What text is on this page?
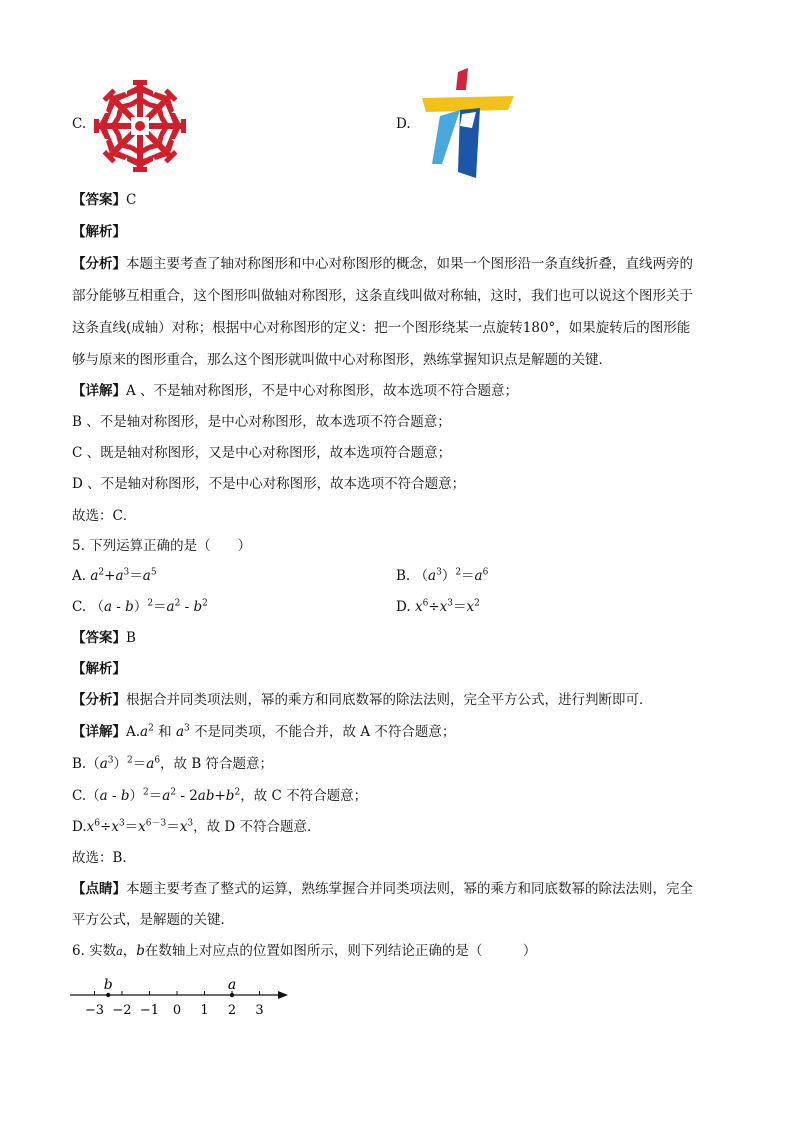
C.	D.
【答案】C
【解析】
【分析】本题主要考查了轴对称图形和中心对称图形的概念，如果一个图形沿一条直线折叠，直线两旁的
部分能够互相重合，这个图形叫做轴对称图形，这条直线叫做对称轴，这时，我们也可以说这个图形关于
这条直线(成轴）对称；根据中心对称图形的定义：把一个图形绕某一点旋转180°，如果旋转后的图形能
够与原来的图形重合，那么这个图形就叫做中心对称图形，熟练掌握知识点是解题的关键．
【详解】A 、不是轴对称图形，不是中心对称图形，故本选项不符合题意；
B 、不是轴对称图形，是中心对称图形，故本选项不符合题意；
C 、既是轴对称图形，又是中心对称图形，故本选项符合题意；
D 、不是轴对称图形，不是中心对称图形，故本选项不符合题意；
故选：C．
5. 下列运算正确的是（　　）
A. $a^2+a^3=a^5$	B. $(a^3)^2=a^6$
C. $(a - b)^2=a^2 - b^2$	D. $x^6\div x^3=x^2$
【答案】B
【解析】
【分析】根据合并同类项法则，幂的乘方和同底数幂的除法法则，完全平方公式，进行判断即可．
【详解】$A.a^2$ 和 $a^3$ 不是同类项，不能合并，故 A 不符合题意；
$B.(a^3)^2=a^6$，故 B 符合题意；
$C.(a - b)^2=a^2 - 2ab+b^2$，故 C 不符合题意；
$D.x^6\div x^3=x^{6-3}=x^3$，故 D 不符合题意．
故选：B．
【点睛】本题主要考查了整式的运算，熟练掌握合并同类项法则，幂的乘方和同底数幂的除法法则，完全
平方公式，是解题的关键．
6. 实数a，b在数轴上对应点的位置如图所示，则下列结论正确的是（　　　）
−3 −2 −1 0 1 2 3
b	a
